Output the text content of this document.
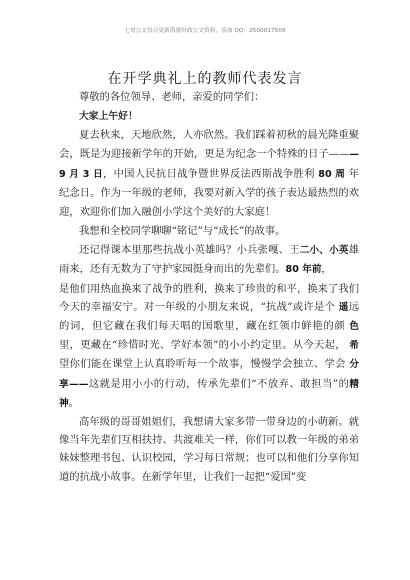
七哥公文每日更新海量时政公文资料，添加 QQ：2500017509
在开学典礼上的教师代表发言

尊敬的各位领导、老师，亲爱的同学们：

大家上午好！

夏去秋来，天地欣然，人亦欣然。我们踩着初秋的晨光隆重聚会，既是为迎接新学年的开始，更是为纪念一个特殊的日子———9 月 3 日，中国人民抗日战争暨世界反法西斯战争胜利 80 周 年纪念日。作为一年级的老师，我要对新入学的孩子表达最热烈的欢迎，欢迎你们加入融创小学这个美好的大家庭！

我想和全校同学聊聊“铭记”与“成长”的故事。

还记得课本里那些抗战小英雄吗？小兵张嘎、王二小、小英雄雨来，还有无数为了守护家园挺身而出的先辈们。80 年前，

是他们用热血换来了战争的胜利，换来了珍贵的和平，换来了我们今天的幸福安宁。对一年级的小朋友来说，“抗战”或许是个 遥远的词，但它藏在我们每天唱的国歌里，藏在红领巾鲜艳的颜 色里，更藏在“珍惜时光、学好本领”的小小约定里。从今天起， 希望你们能在课堂上认真聆听每一个故事，慢慢学会独立、学会 分享——这就是用小小的行动，传承先辈们“不放弃、敢担当”的精神。

高年级的哥哥姐姐们，我想请大家多带一带身边的小萌新。就像当年先辈们互相扶持、共渡难关一样，你们可以教一年级的弟弟妹妹整理书包、认识校园，学习每日常规；也可以和他们分享你知道的抗战小故事。在新学年里，让我们一起把“爱国”变
